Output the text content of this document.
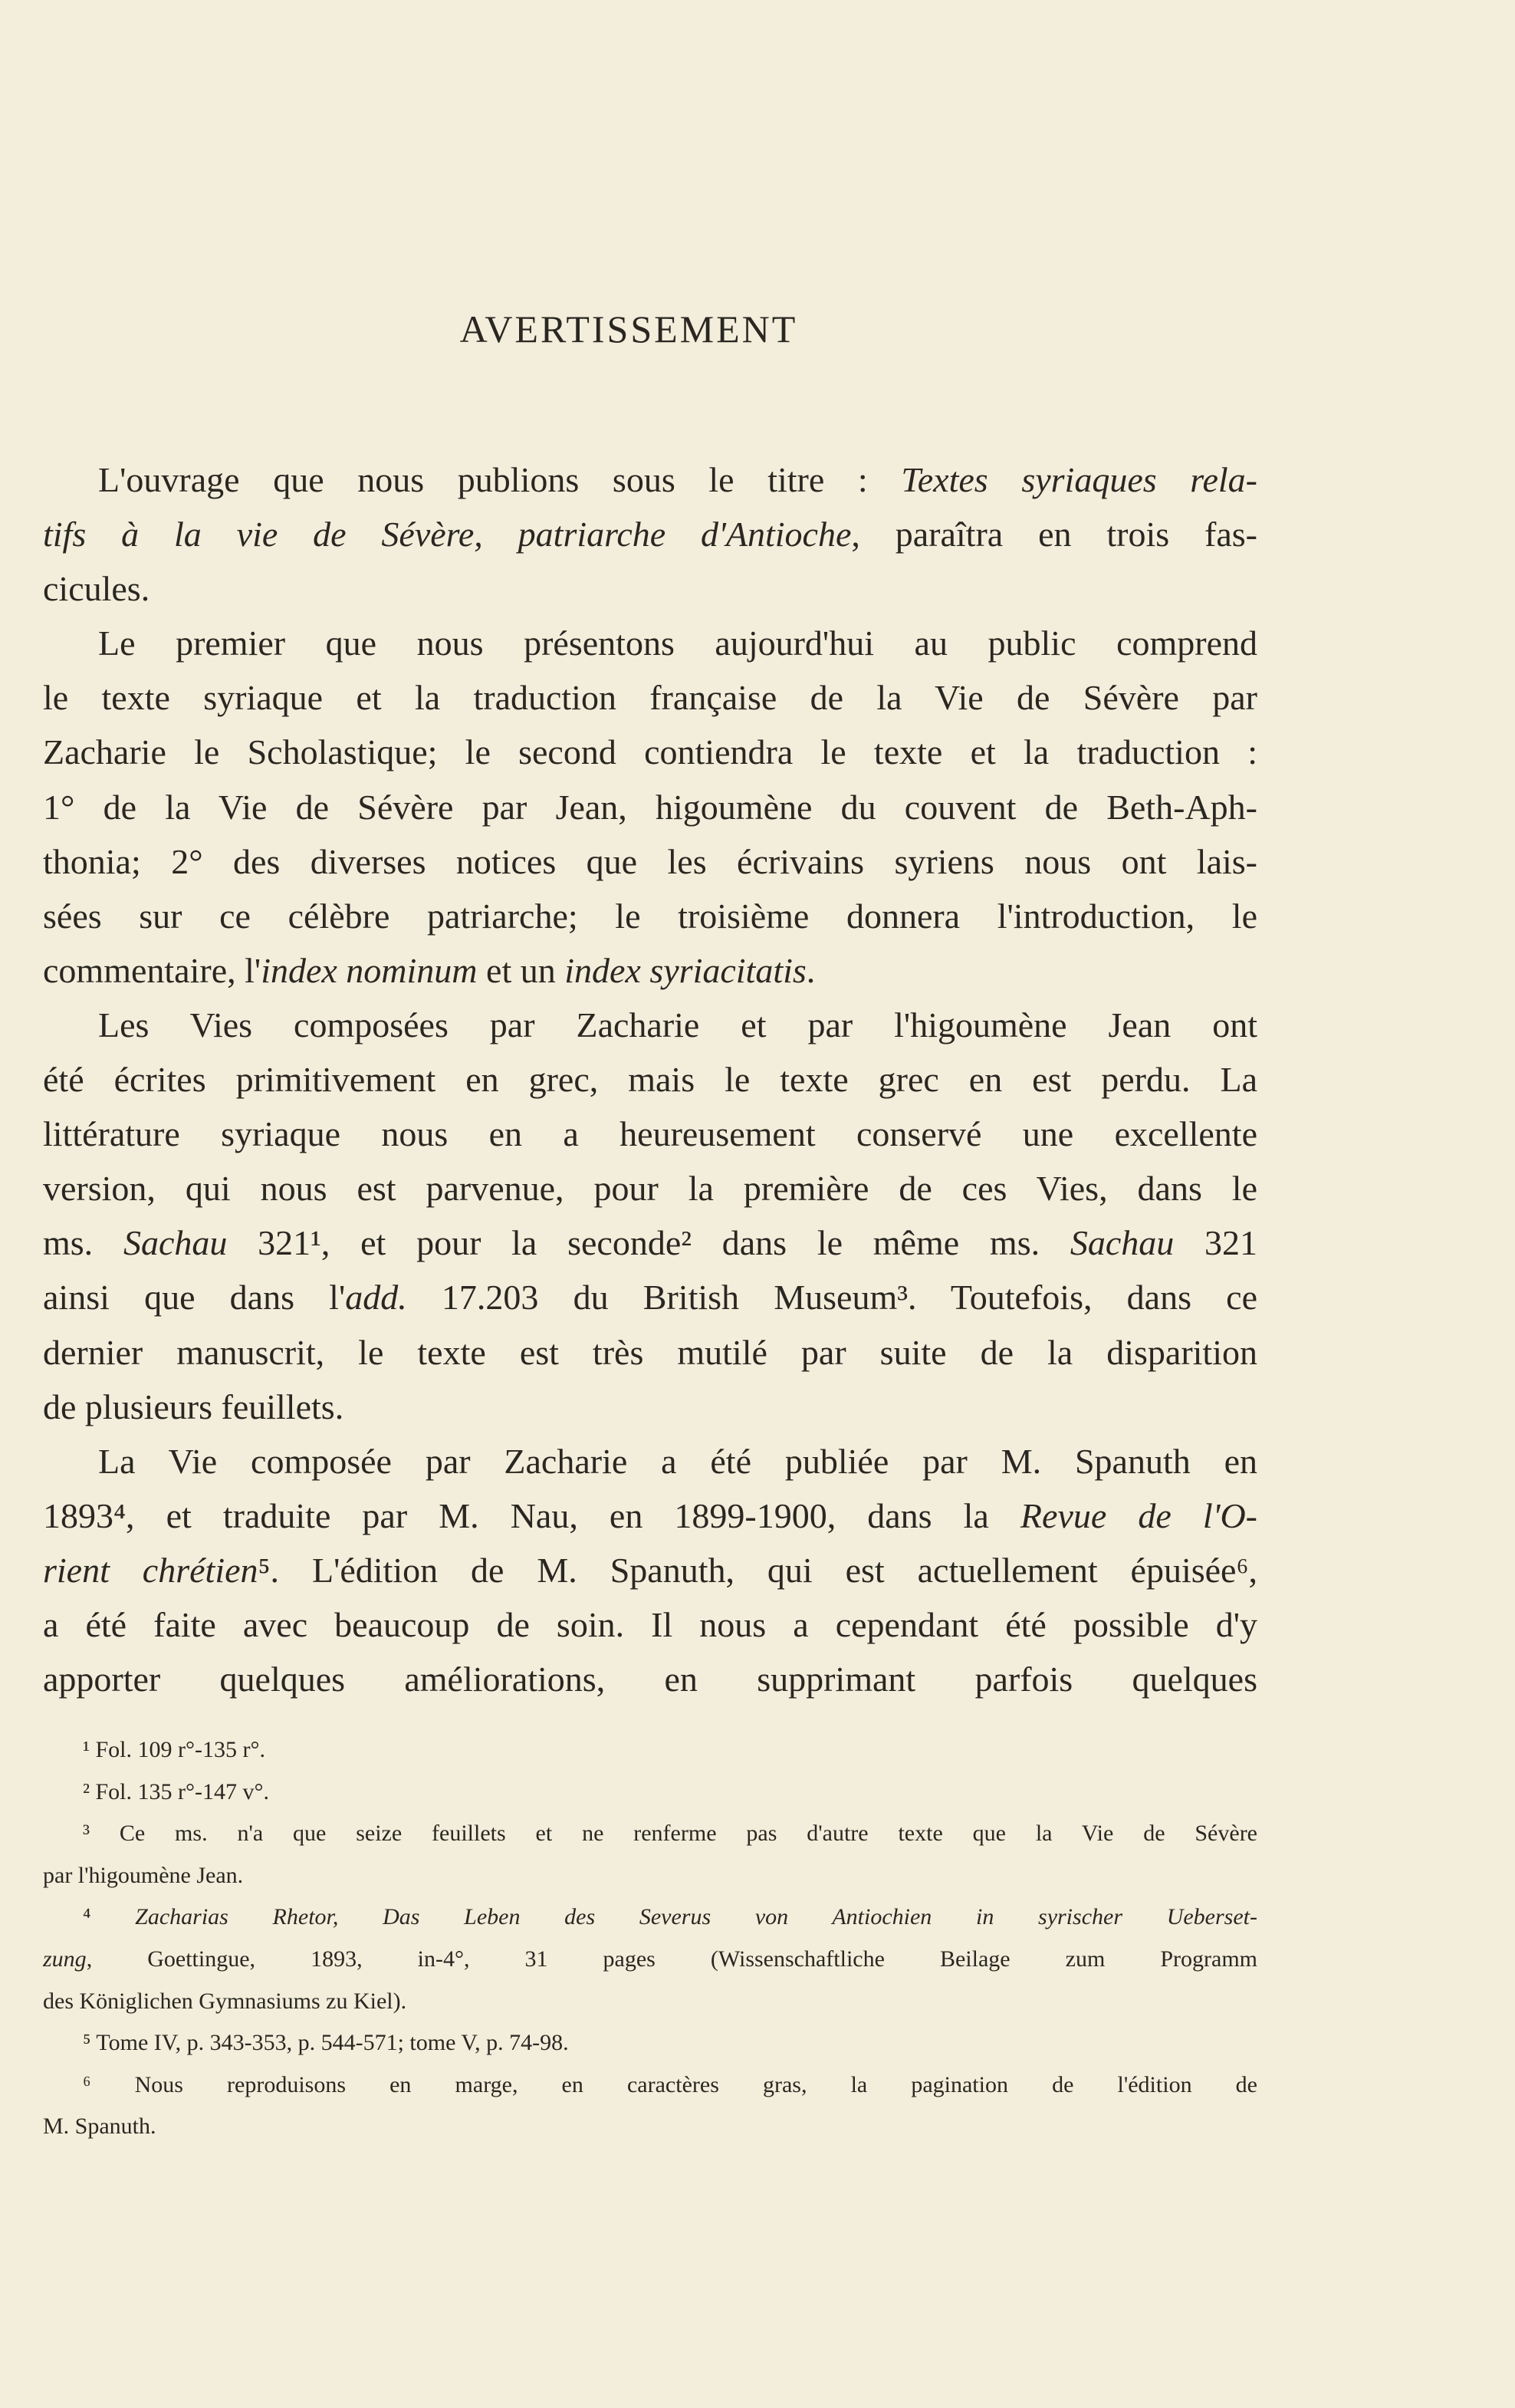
AVERTISSEMENT
L'ouvrage que nous publions sous le titre : Textes syriaques rela-
tifs à la vie de Sévère, patriarche d'Antioche, paraîtra en trois fas-
cicules.
Le premier que nous présentons aujourd'hui au public comprend
le texte syriaque et la traduction française de la Vie de Sévère par
Zacharie le Scholastique; le second contiendra le texte et la traduction :
1° de la Vie de Sévère par Jean, higoumène du couvent de Beth-Aph-
thonia; 2° des diverses notices que les écrivains syriens nous ont lais-
sées sur ce célèbre patriarche; le troisième donnera l'introduction, le
commentaire, l'index nominum et un index syriacitatis.
Les Vies composées par Zacharie et par l'higoumène Jean ont
été écrites primitivement en grec, mais le texte grec en est perdu. La
littérature syriaque nous en a heureusement conservé une excellente
version, qui nous est parvenue, pour la première de ces Vies, dans le
ms. Sachau 321¹, et pour la seconde² dans le même ms. Sachau 321
ainsi que dans l'add. 17.203 du British Museum³. Toutefois, dans ce
dernier manuscrit, le texte est très mutilé par suite de la disparition
de plusieurs feuillets.
La Vie composée par Zacharie a été publiée par M. Spanuth en
1893⁴, et traduite par M. Nau, en 1899-1900, dans la Revue de l'O-
rient chrétien⁵. L'édition de M. Spanuth, qui est actuellement épuisée⁶,
a été faite avec beaucoup de soin. Il nous a cependant été possible d'y
apporter quelques améliorations, en supprimant parfois quelques
¹ Fol. 109 r°-135 r°.
² Fol. 135 r°-147 v°.
³ Ce ms. n'a que seize feuillets et ne renferme pas d'autre texte que la Vie de Sévère
par l'higoumène Jean.
⁴ Zacharias Rhetor, Das Leben des Severus von Antiochien in syrischer Ueberset-
zung, Goettingue, 1893, in-4°, 31 pages (Wissenschaftliche Beilage zum Programm
des Königlichen Gymnasiums zu Kiel).
⁵ Tome IV, p. 343-353, p. 544-571; tome V, p. 74-98.
⁶ Nous reproduisons en marge, en caractères gras, la pagination de l'édition de
M. Spanuth.
